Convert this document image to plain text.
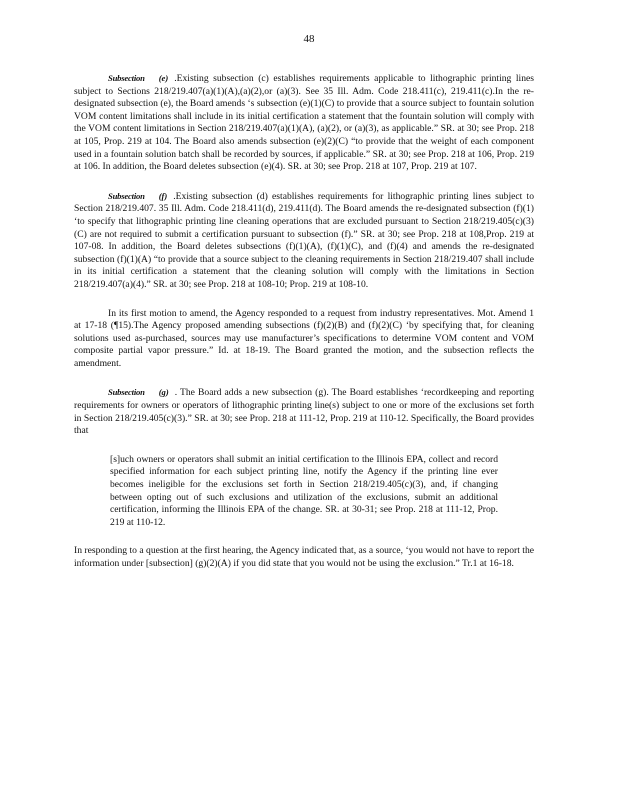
48

Subsection (e) .Existing subsection (c) establishes requirements applicable to lithographic printing lines subject to Sections 218/219.407(a)(1)(A),(a)(2),or (a)(3). See 35 Ill. Adm. Code 218.411(c), 219.411(c).In the re-designated subsection (e), the Board amends ‘s subsection (e)(1)(C) to provide that a source subject to fountain solution VOM content limitations shall include in its initial certification a statement that the fountain solution will comply with the VOM content limitations in Section 218/219.407(a)(1)(A), (a)(2), or (a)(3), as applicable.” SR. at 30; see Prop. 218 at 105, Prop. 219 at 104. The Board also amends subsection (e)(2)(C) “to provide that the weight of each component used in a fountain solution batch shall be recorded by sources, if applicable.” SR. at 30; see Prop. 218 at 106, Prop. 219 at 106. In addition, the Board deletes subsection (e)(4). SR. at 30; see Prop. 218 at 107, Prop. 219 at 107.

Subsection (f) .Existing subsection (d) establishes requirements for lithographic printing lines subject to Section 218/219.407. 35 Ill. Adm. Code 218.411(d), 219.411(d). The Board amends the re-designated subsection (f)(1) ‘to specify that lithographic printing line cleaning operations that are excluded pursuant to Section 218/219.405(c)(3)(C) are not required to submit a certification pursuant to subsection (f).” SR. at 30; see Prop. 218 at 108,Prop. 219 at 107-08. In addition, the Board deletes subsections (f)(1)(A), (f)(1)(C), and (f)(4) and amends the re-designated subsection (f)(1)(A) “to provide that a source subject to the cleaning requirements in Section 218/219.407 shall include in its initial certification a statement that the cleaning solution will comply with the limitations in Section 218/219.407(a)(4).” SR. at 30; see Prop. 218 at 108-10; Prop. 219 at 108-10.

In its first motion to amend, the Agency responded to a request from industry representatives. Mot. Amend 1 at 17-18 (¶15).The Agency proposed amending subsections (f)(2)(B) and (f)(2)(C) ‘by specifying that, for cleaning solutions used as-purchased, sources may use manufacturer’s specifications to determine VOM content and VOM composite partial vapor pressure.” Id. at 18-19. The Board granted the motion, and the subsection reflects the amendment.

Subsection (g) . The Board adds a new subsection (g). The Board establishes ‘recordkeeping and reporting requirements for owners or operators of lithographic printing line(s) subject to one or more of the exclusions set forth in Section 218/219.405(c)(3).” SR. at 30; see Prop. 218 at 111-12, Prop. 219 at 110-12. Specifically, the Board provides that

[s]uch owners or operators shall submit an initial certification to the Illinois EPA, collect and record specified information for each subject printing line, notify the Agency if the printing line ever becomes ineligible for the exclusions set forth in Section 218/219.405(c)(3), and, if changing between opting out of such exclusions and utilization of the exclusions, submit an additional certification, informing the Illinois EPA of the change. SR. at 30-31; see Prop. 218 at 111-12, Prop. 219 at 110-12.

In responding to a question at the first hearing, the Agency indicated that, as a source, ‘you would not have to report the information under [subsection] (g)(2)(A) if you did state that you would not be using the exclusion.” Tr.1 at 16-18.
